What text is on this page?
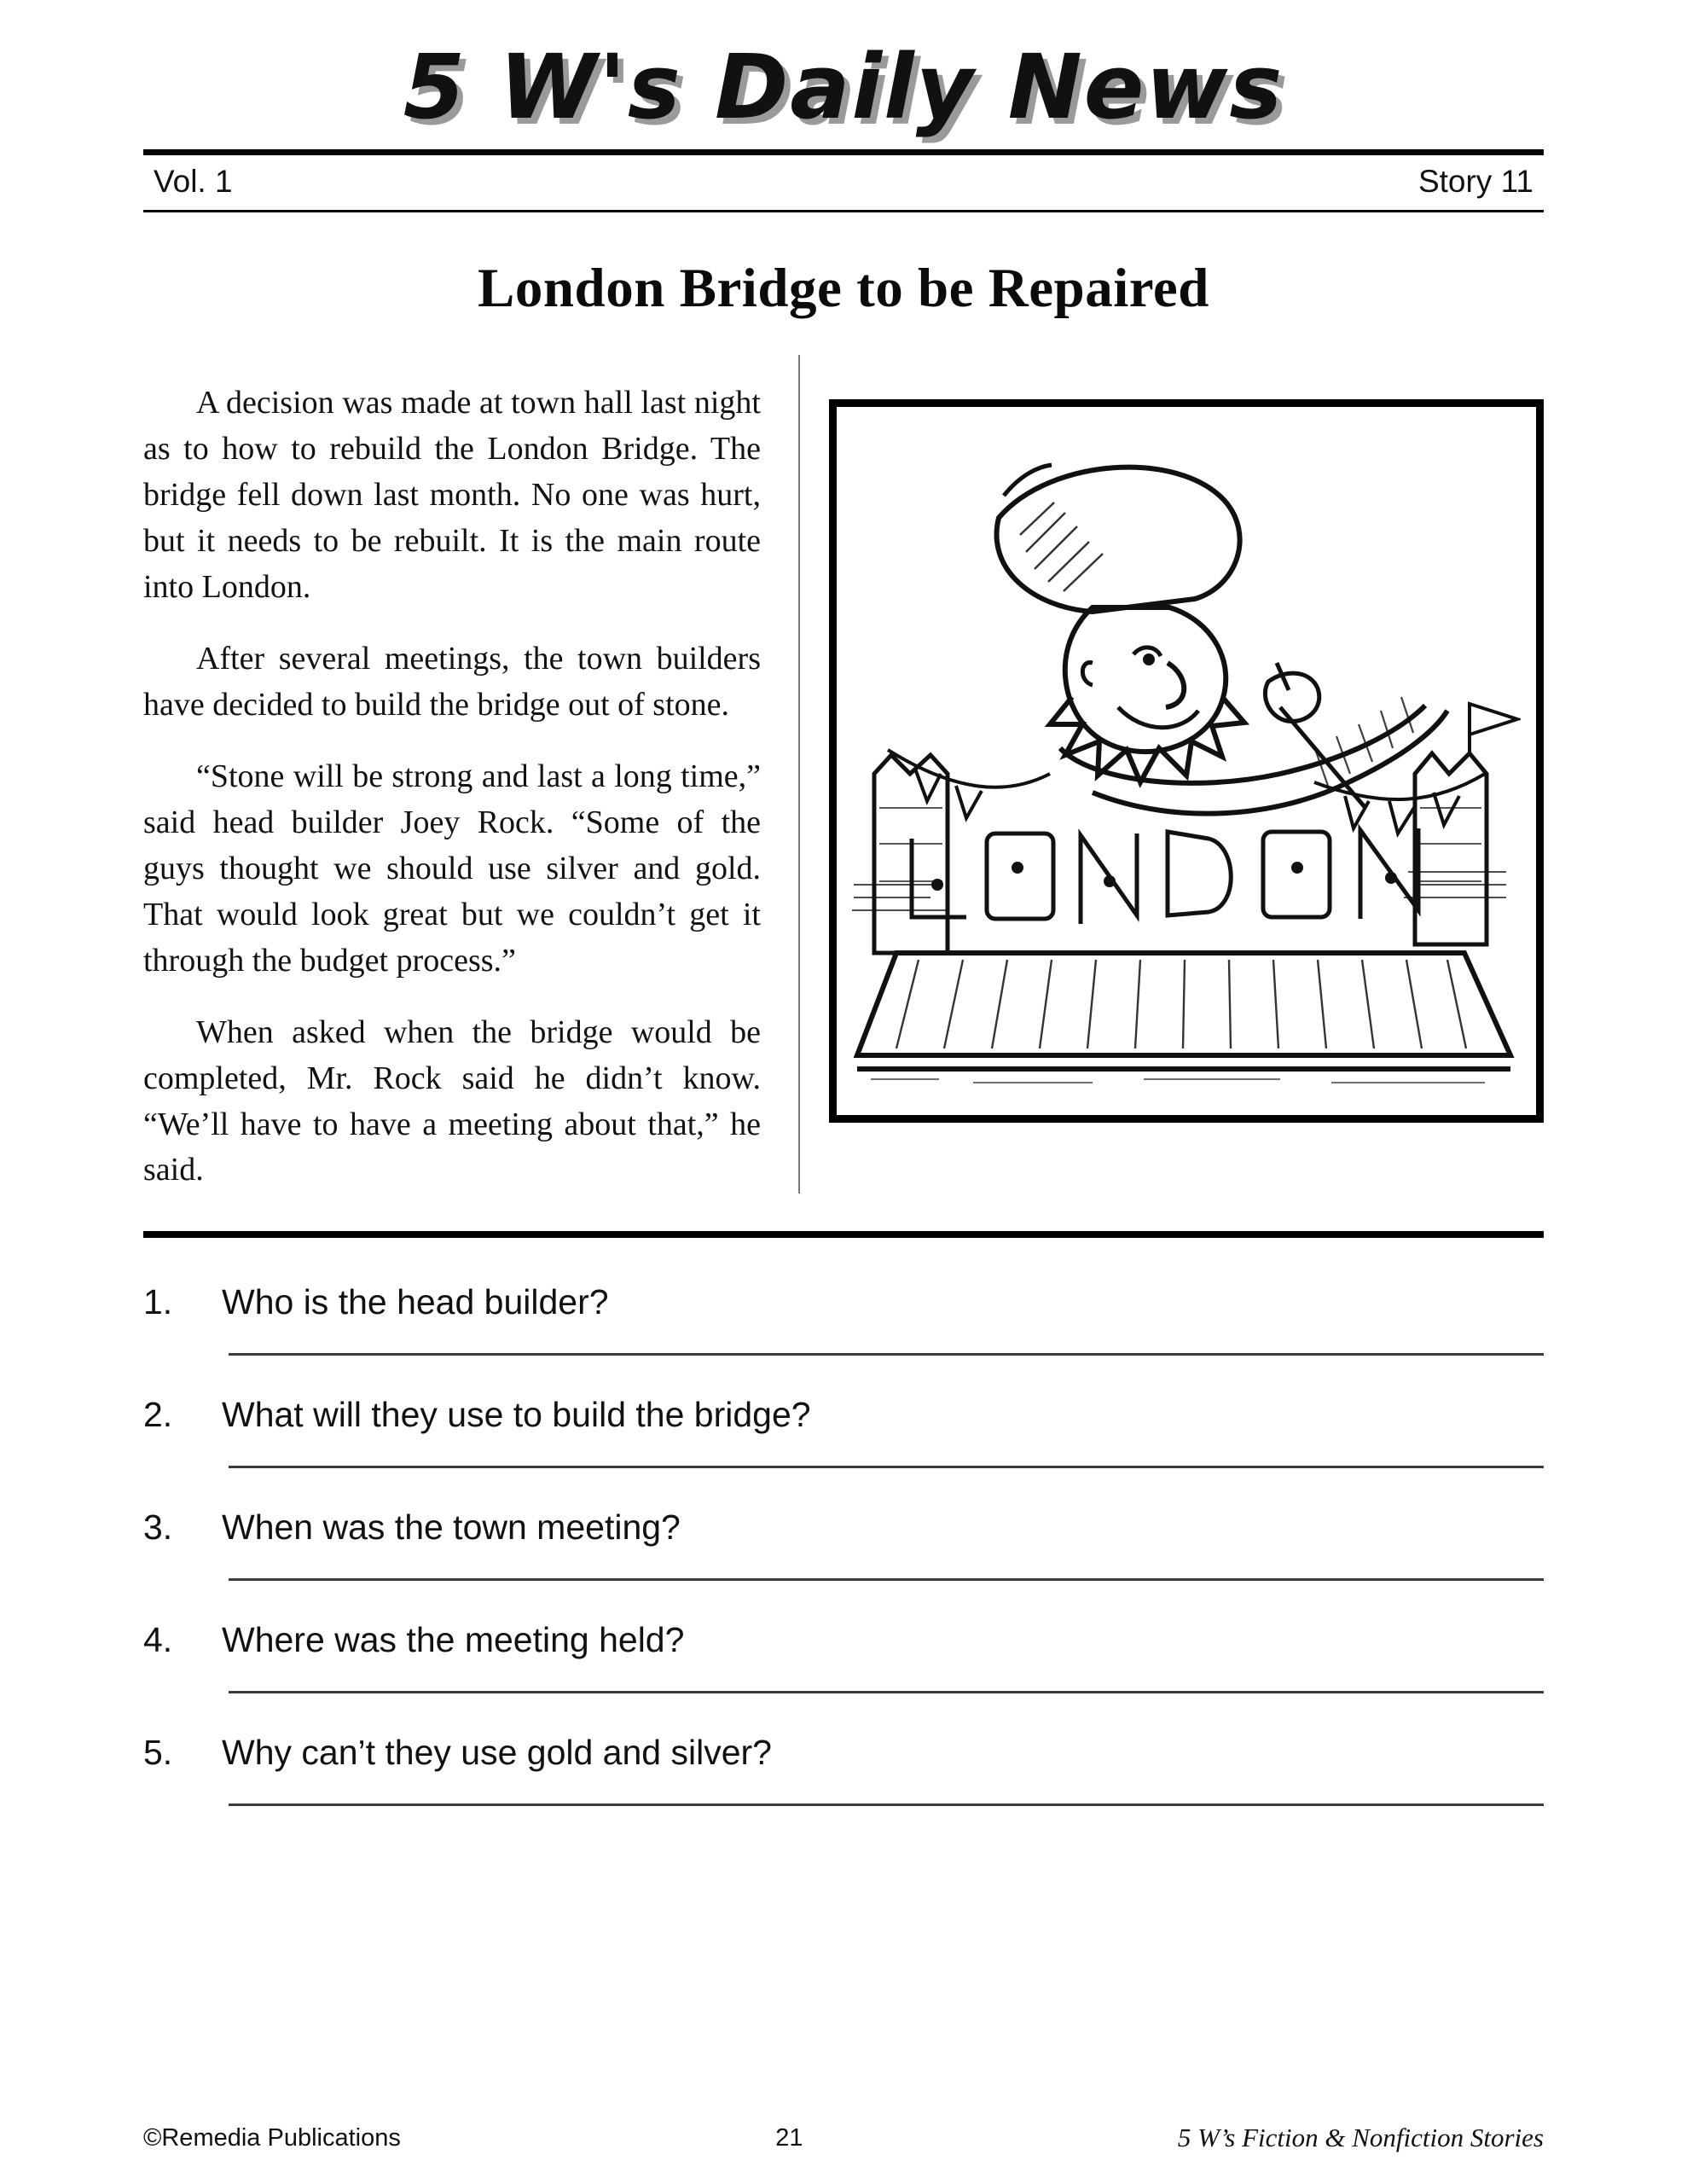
5 W's Daily News
Vol. 1	Story 11
London Bridge to be Repaired

A decision was made at town hall last night as to how to rebuild the London Bridge. The bridge fell down last month. No one was hurt, but it needs to be rebuilt. It is the main route into London.

After several meetings, the town builders have decided to build the bridge out of stone.

“Stone will be strong and last a long time,” said head builder Joey Rock. “Some of the guys thought we should use silver and gold. That would look great but we couldn’t get it through the budget process.”

When asked when the bridge would be completed, Mr. Rock said he didn’t know. “We’ll have to have a meeting about that,” he said.

1.	Who is the head builder?
2.	What will they use to build the bridge?
3.	When was the town meeting?
4.	Where was the meeting held?
5.	Why can’t they use gold and silver?
©Remedia Publications	21	5 W’s Fiction & Nonfiction Stories
